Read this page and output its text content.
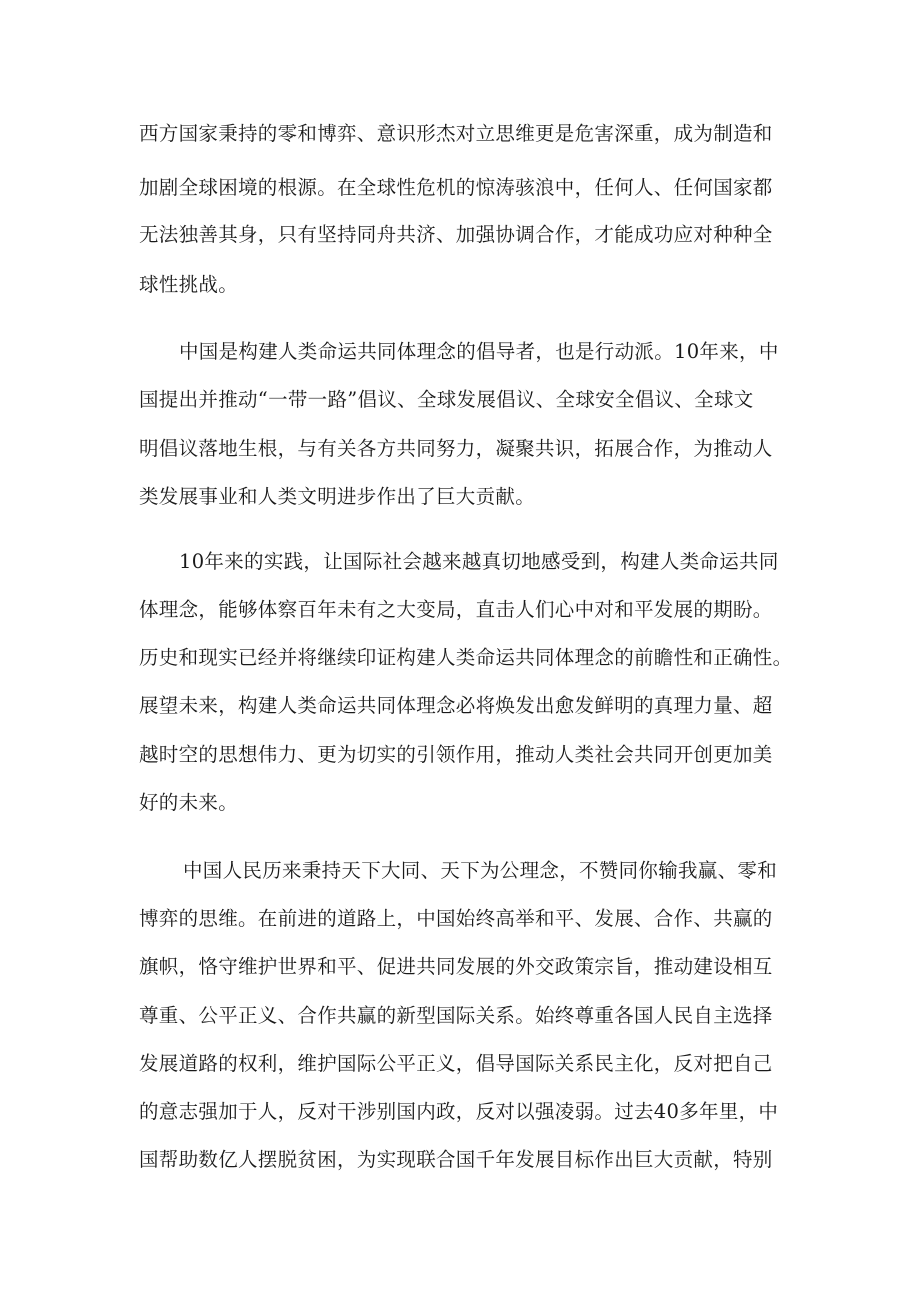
西方国家秉持的零和博弈、意识形杰对立思维更是危害深重，成为制造和
加剧全球困境的根源。在全球性危机的惊涛骇浪中，任何人、任何国家都
无法独善其身，只有坚持同舟共济、加强协调合作，才能成功应对种种全
球性挑战。
中国是构建人类命运共同体理念的倡导者，也是行动派。10年来，中
国提出并推动“一带一路”倡议、全球发展倡议、全球安全倡议、全球文
明倡议落地生根，与有关各方共同努力，凝聚共识，拓展合作，为推动人
类发展事业和人类文明进步作出了巨大贡献。
10年来的实践，让国际社会越来越真切地感受到，构建人类命运共同
体理念，能够体察百年未有之大变局，直击人们心中对和平发展的期盼。
历史和现实已经并将继续印证构建人类命运共同体理念的前瞻性和正确性。
展望未来，构建人类命运共同体理念必将焕发出愈发鲜明的真理力量、超
越时空的思想伟力、更为切实的引领作用，推动人类社会共同开创更加美
好的未来。
中国人民历来秉持天下大同、天下为公理念，不赞同你输我赢、零和
博弈的思维。在前进的道路上，中国始终高举和平、发展、合作、共赢的
旗帜，恪守维护世界和平、促进共同发展的外交政策宗旨，推动建设相互
尊重、公平正义、合作共赢的新型国际关系。始终尊重各国人民自主选择
发展道路的权利，维护国际公平正义，倡导国际关系民主化，反对把自己
的意志强加于人，反对干涉别国内政，反对以强凌弱。过去40多年里，中
国帮助数亿人摆脱贫困，为实现联合国千年发展目标作出巨大贡献，特别
